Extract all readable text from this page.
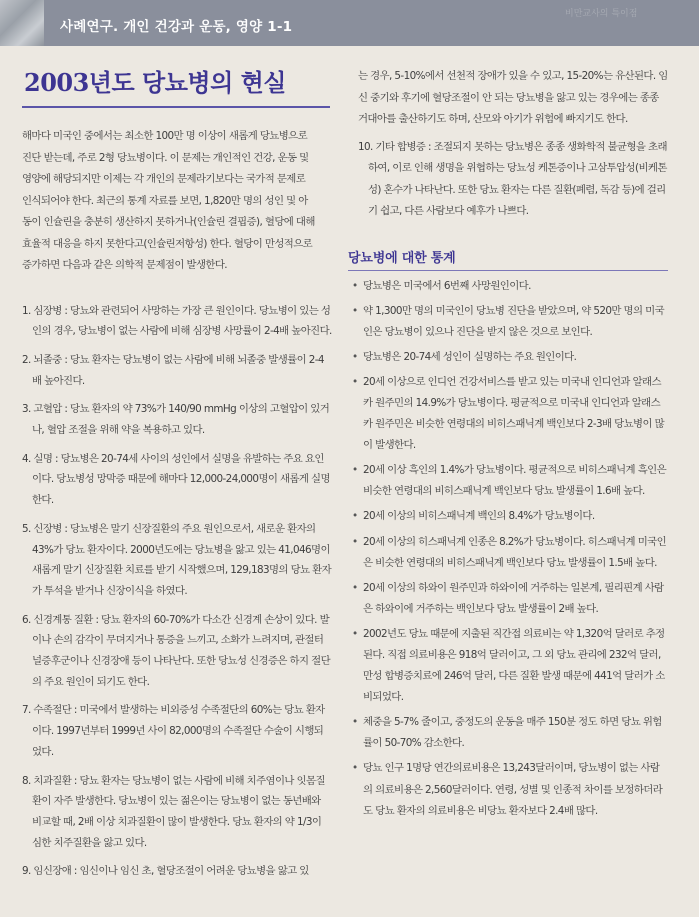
사례연구. 개인 건강과 운동, 영양 1-1
비만교사의 특이점
2003년도 당뇨병의 현실

해마다 미국인 중에서는 최소한 100만 명 이상이 새롭게 당뇨병으로

진단 받는데, 주로 2형 당뇨병이다. 이 문제는 개인적인 건강, 운동 및

영양에 해당되지만 이제는 각 개인의 문제라기보다는 국가적 문제로

인식되어야 한다. 최근의 통계 자료를 보면, 1,820만 명의 성인 및 아

동이 인슐린을 충분히 생산하지 못하거나(인슐린 결핍증), 혈당에 대해

효율적 대응을 하지 못한다고(인슐린저항성) 한다. 혈당이 만성적으로

증가하면 다음과 같은 의학적 문제점이 발생한다.

1. 심장병 : 당뇨와 관련되어 사망하는 가장 큰 원인이다. 당뇨병이 있는 성인의 경우, 당뇨병이 없는 사람에 비해 심장병 사망률이 2-4배 높아진다.
2. 뇌졸중 : 당뇨 환자는 당뇨병이 없는 사람에 비해 뇌졸중 발생률이 2-4배 높아진다.
3. 고혈압 : 당뇨 환자의 약 73%가 140/90 mmHg 이상의 고혈압이 있거나, 혈압 조절을 위해 약을 복용하고 있다.
4. 실명 : 당뇨병은 20-74세 사이의 성인에서 실명을 유발하는 주요 요인이다. 당뇨병성 망막증 때문에 해마다 12,000-24,000명이 새롭게 실명한다.
5. 신장병 : 당뇨병은 말기 신장질환의 주요 원인으로서, 새로운 환자의 43%가 당뇨 환자이다. 2000년도에는 당뇨병을 앓고 있는 41,046명이 새롭게 말기 신장질환 치료를 받기 시작했으며, 129,183명의 당뇨 환자가 투석을 받거나 신장이식을 하였다.
6. 신경계통 질환 : 당뇨 환자의 60-70%가 다소간 신경계 손상이 있다. 발이나 손의 감각이 무뎌지거나 통증을 느끼고, 소화가 느려지며, 관절터널증후군이나 신경장애 등이 나타난다. 또한 당뇨성 신경증은 하지 절단의 주요 원인이 되기도 한다.
7. 수족절단 : 미국에서 발생하는 비외증성 수족절단의 60%는 당뇨 환자이다. 1997년부터 1999년 사이 82,000명의 수족절단 수술이 시행되었다.
8. 치과질환 : 당뇨 환자는 당뇨병이 없는 사람에 비해 치주염이나 잇몸질환이 자주 발생한다. 당뇨병이 있는 젊은이는 당뇨병이 없는 동년배와 비교할 때, 2배 이상 치과질환이 많이 발생한다. 당뇨 환자의 약 1/3이 심한 치주질환을 앓고 있다.
9. 임신장애 : 임신이나 임신 초, 혈당조절이 어려운 당뇨병을 앓고 있
는 경우, 5-10%에서 선천적 장애가 있을 수 있고, 15-20%는 유산된다. 임신 중기와 후기에 혈당조절이 안 되는 당뇨병을 앓고 있는 경우에는 종종 거대아를 출산하기도 하며, 산모와 아기가 위험에 빠지기도 한다.
10. 기타 합병증 : 조절되지 못하는 당뇨병은 종종 생화학적 불균형을 초래하여, 이로 인해 생명을 위협하는 당뇨성 케톤증이나 고삼투압성(비케톤성) 혼수가 나타난다. 또한 당뇨 환자는 다른 질환(폐렴, 독감 등)에 걸리기 쉽고, 다른 사람보다 예후가 나쁘다.
당뇨병에 대한 통계
• 당뇨병은 미국에서 6번째 사망원인이다.
• 약 1,300만 명의 미국인이 당뇨병 진단을 받았으며, 약 520만 명의 미국인은 당뇨병이 있으나 진단을 받지 않은 것으로 보인다.
• 당뇨병은 20-74세 성인이 실명하는 주요 원인이다.
• 20세 이상으로 인디언 건강서비스를 받고 있는 미국내 인디언과 알래스카 원주민의 14.9%가 당뇨병이다. 평균적으로 미국내 인디언과 알래스카 원주민은 비슷한 연령대의 비히스패닉계 백인보다 2-3배 당뇨병이 많이 발생한다.
• 20세 이상 흑인의 1.4%가 당뇨병이다. 평균적으로 비히스패닉계 흑인은 비슷한 연령대의 비히스패닉계 백인보다 당뇨 발생률이 1.6배 높다.
• 20세 이상의 비히스패닉계 백인의 8.4%가 당뇨병이다.
• 20세 이상의 히스패닉계 인종은 8.2%가 당뇨병이다. 히스패닉계 미국인은 비슷한 연령대의 비히스패닉계 백인보다 당뇨 발생률이 1.5배 높다.
• 20세 이상의 하와이 원주민과 하와이에 거주하는 일본계, 필리핀계 사람은 하와이에 거주하는 백인보다 당뇨 발생률이 2배 높다.
• 2002년도 당뇨 때문에 지출된 직간접 의료비는 약 1,320억 달러로 추정된다. 직접 의료비용은 918억 달러이고, 그 외 당뇨 관리에 232억 달러, 만성 합병증치료에 246억 달러, 다른 질환 발생 때문에 441억 달러가 소비되었다.
• 체중을 5-7% 줄이고, 중정도의 운동을 매주 150분 정도 하면 당뇨 위험률이 50-70% 감소한다.
• 당뇨 인구 1명당 연간의료비용은 13,243달러이며, 당뇨병이 없는 사람의 의료비용은 2,560달러이다. 연령, 성별 및 인종적 차이를 보정하더라도 당뇨 환자의 의료비용은 비당뇨 환자보다 2.4배 많다.
